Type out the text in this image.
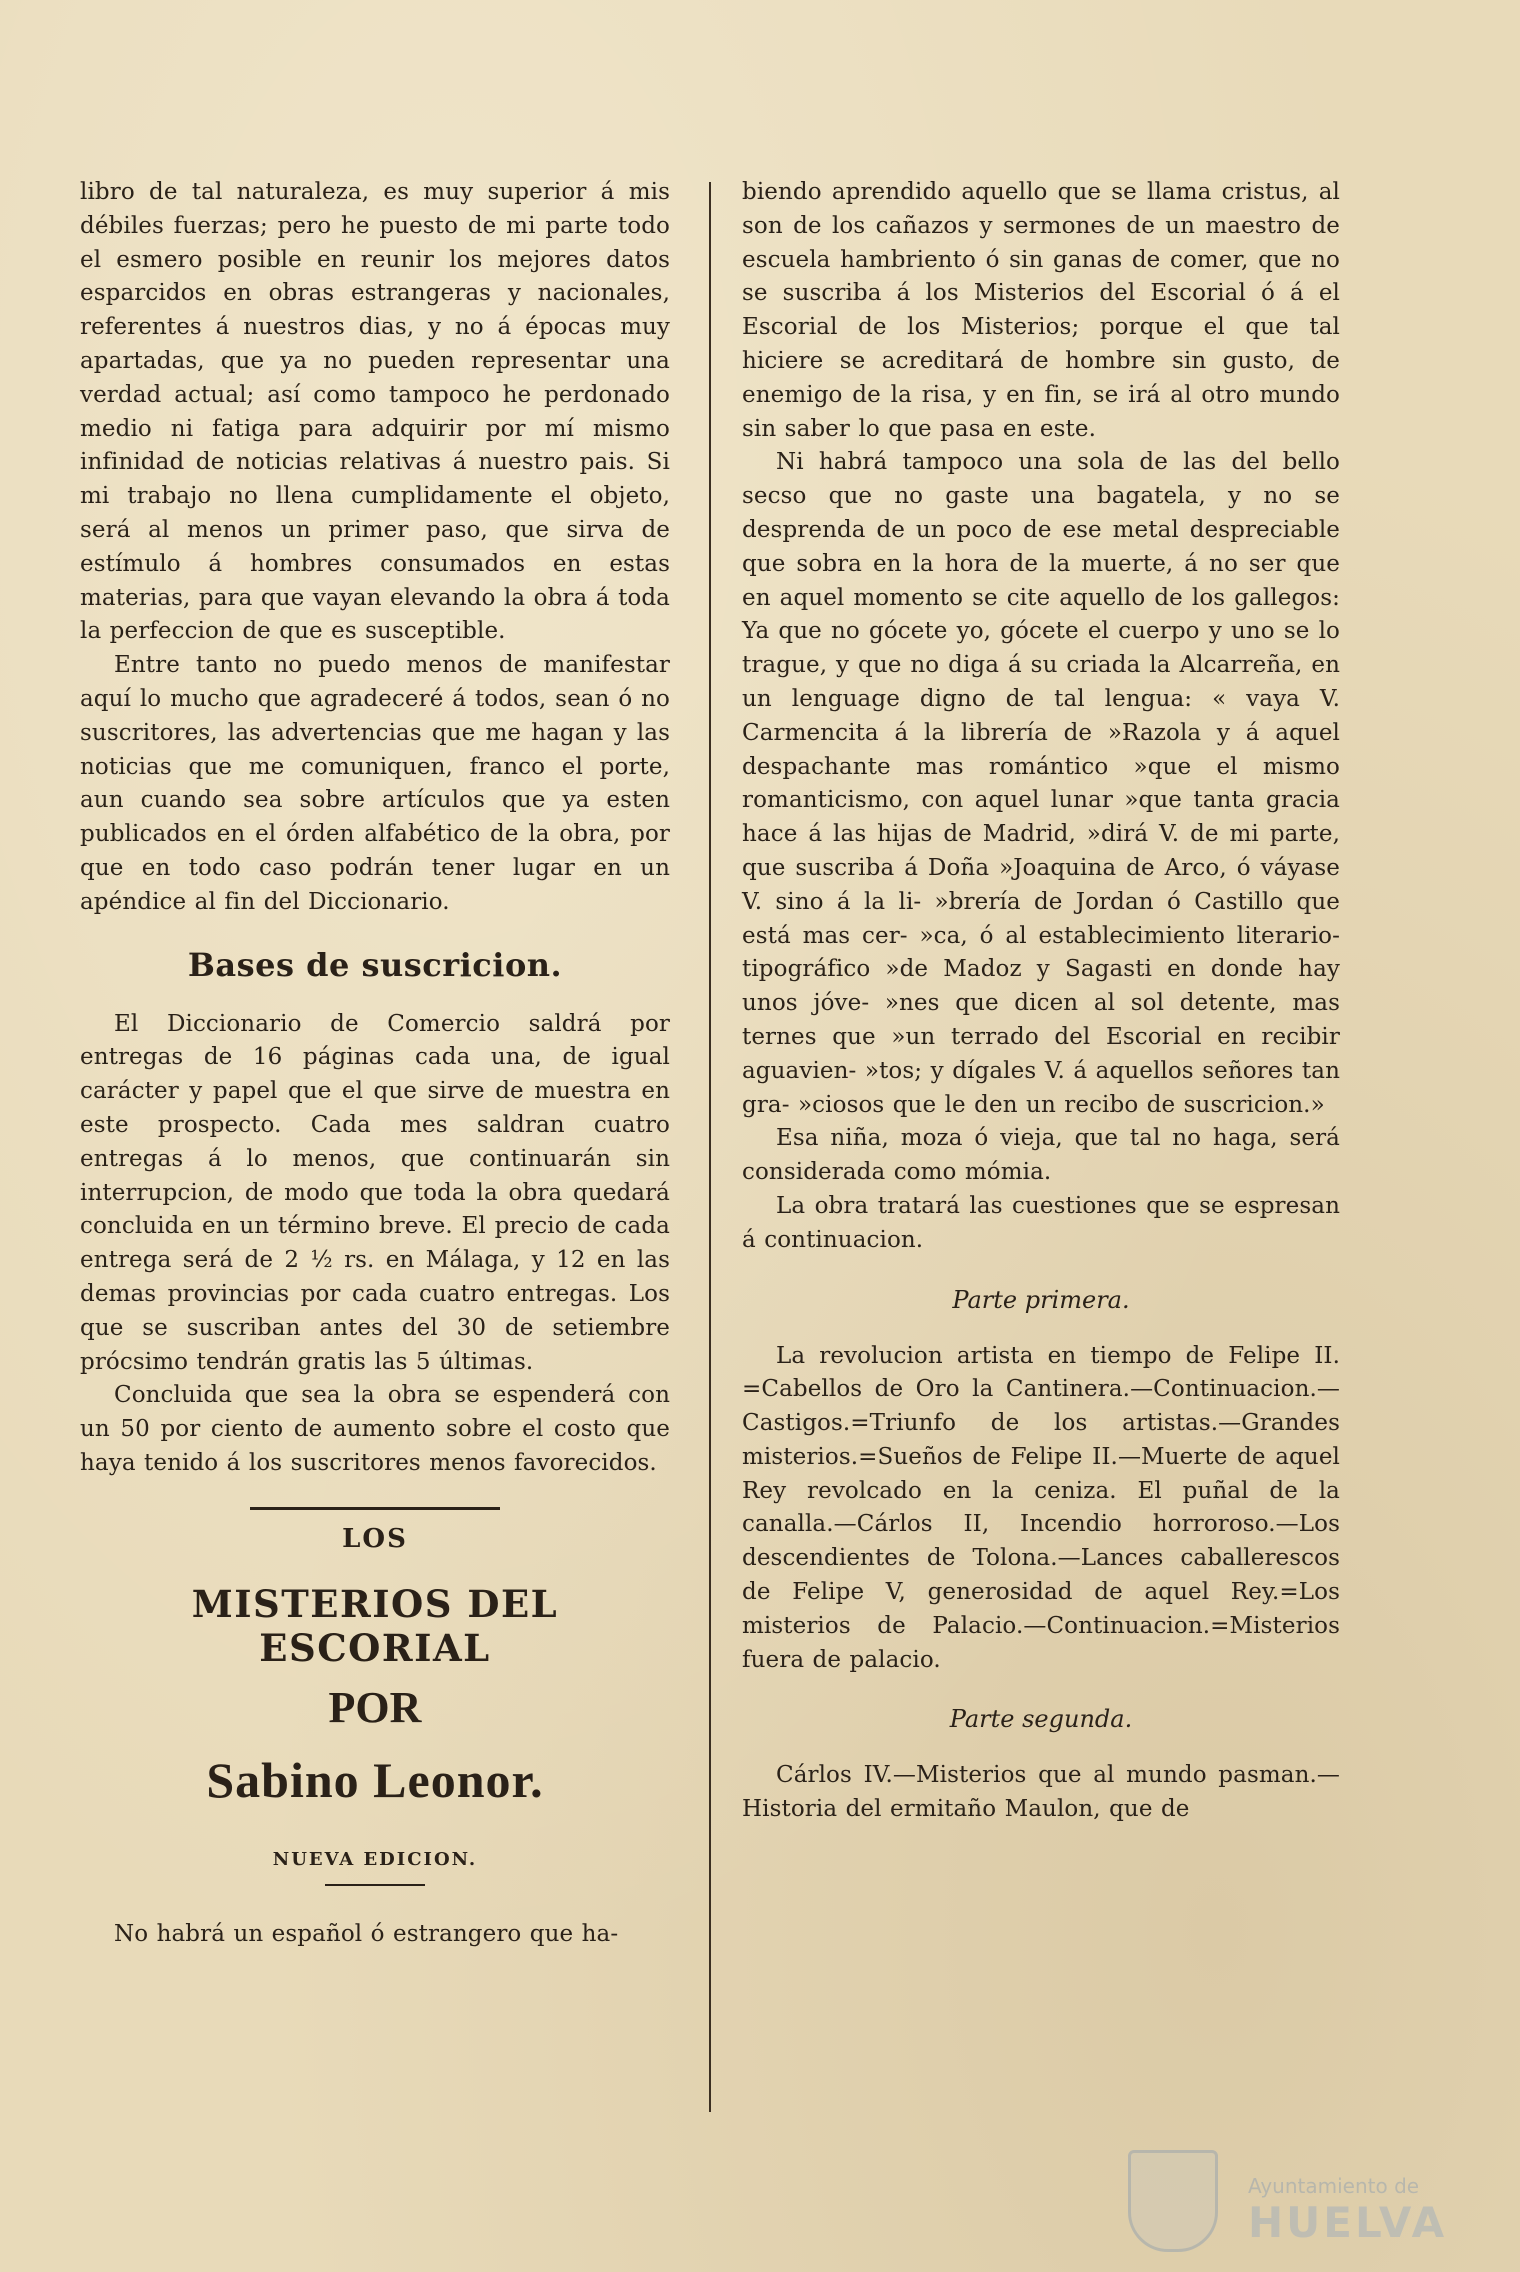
libro de tal naturaleza, es muy superior á mis débiles fuerzas; pero he puesto de mi parte todo el esmero posible en reunir los mejores datos esparcidos en obras estrangeras y nacionales, referentes á nuestros dias, y no á épocas muy apartadas, que ya no pueden representar una verdad actual; así como tampoco he perdonado medio ni fatiga para adquirir por mí mismo infinidad de noticias relativas á nuestro pais. Si mi trabajo no llena cumplidamente el objeto, será al menos un primer paso, que sirva de estímulo á hombres consumados en estas materias, para que vayan elevando la obra á toda la perfeccion de que es susceptible.

Entre tanto no puedo menos de manifestar aquí lo mucho que agradeceré á todos, sean ó no suscritores, las advertencias que me hagan y las noticias que me comuniquen, franco el porte, aun cuando sea sobre artículos que ya esten publicados en el órden alfabético de la obra, por que en todo caso podrán tener lugar en un apéndice al fin del Diccionario.

Bases de suscricion.

El Diccionario de Comercio saldrá por entregas de 16 páginas cada una, de igual carácter y papel que el que sirve de muestra en este prospecto. Cada mes saldran cuatro entregas á lo menos, que continuarán sin interrupcion, de modo que toda la obra quedará concluida en un término breve. El precio de cada entrega será de 2 ½ rs. en Málaga, y 12 en las demas provincias por cada cuatro entregas. Los que se suscriban antes del 30 de setiembre prócsimo tendrán gratis las 5 últimas.

Concluida que sea la obra se espenderá con un 50 por ciento de aumento sobre el costo que haya tenido á los suscritores menos favorecidos.

LOS
MISTERIOS DEL ESCORIAL
POR
Sabino Leonor.
NUEVA EDICION.

No habrá un español ó estrangero que ha-

biendo aprendido aquello que se llama cristus, al son de los cañazos y sermones de un maestro de escuela hambriento ó sin ganas de comer, que no se suscriba á los Misterios del Escorial ó á el Escorial de los Misterios; porque el que tal hiciere se acreditará de hombre sin gusto, de enemigo de la risa, y en fin, se irá al otro mundo sin saber lo que pasa en este.

Ni habrá tampoco una sola de las del bello secso que no gaste una bagatela, y no se desprenda de un poco de ese metal despreciable que sobra en la hora de la muerte, á no ser que en aquel momento se cite aquello de los gallegos: Ya que no gócete yo, gócete el cuerpo y uno se lo trague, y que no diga á su criada la Alcarreña, en un lenguage digno de tal lengua: « vaya V. Carmencita á la librería de »Razola y á aquel despachante mas romántico »que el mismo romanticismo, con aquel lunar »que tanta gracia hace á las hijas de Madrid, »dirá V. de mi parte, que suscriba á Doña »Joaquina de Arco, ó váyase V. sino á la li- »brería de Jordan ó Castillo que está mas cer- »ca, ó al establecimiento literario-tipográfico »de Madoz y Sagasti en donde hay unos jóve- »nes que dicen al sol detente, mas ternes que »un terrado del Escorial en recibir aguavien- »tos; y dígales V. á aquellos señores tan gra- »ciosos que le den un recibo de suscricion.»

Esa niña, moza ó vieja, que tal no haga, será considerada como mómia.

La obra tratará las cuestiones que se espresan á continuacion.

Parte primera.

La revolucion artista en tiempo de Felipe II. =Cabellos de Oro la Cantinera.—Continuacion.—Castigos.=Triunfo de los artistas.—Grandes misterios.=Sueños de Felipe II.—Muerte de aquel Rey revolcado en la ceniza. El puñal de la canalla.—Cárlos II, Incendio horroroso.—Los descendientes de Tolona.—Lances caballerescos de Felipe V, generosidad de aquel Rey.=Los misterios de Palacio.—Continuacion.=Misterios fuera de palacio.

Parte segunda.

Cárlos IV.—Misterios que al mundo pasman.—Historia del ermitaño Maulon, que de

Ayuntamiento de
HUELVA
